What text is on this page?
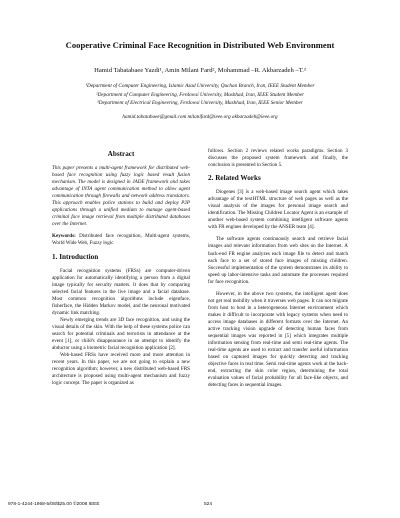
Cooperative Criminal Face Recognition in Distributed Web Environment
Hamid Tabatabaee Yazdi¹, Amin Milani Fard², Mohammad –R. Akbarzadeh –T.³
¹Department of Computer Engineering, Islamic Azad University, Quchan Branch, Iran, IEEE Student Member
²Department of Computer Engineering, Ferdowsi University, Mashhad, Iran, IEEE Student Member
³Department of Electrical Engineering, Ferdowsi University, Mashhad, Iran, IEEE Senior Member
hamid.tabatabaee@gmail.com milanifard@ieee.org akbarzadeh@ieee.org
Abstract

This paper presents a multi-agent framework for distributed web-based face recognition using fuzzy logic based result fusion mechanism. The model is designed in JADE framework and takes advantage of INTA agent communication method to allow agent communication through firewalls and network address translators. This approach enables police stations to build and deploy P2P applications through a unified medium to manage agent-based criminal face image retrieval from multiple distributed databases over the Internet.

Keywords: Distributed face recognition, Multi-agent systems, World Wide Web, Fuzzy logic

1. Introduction

Facial recognition systems (FRSs) are computer-driven application for automatically identifying a person from a digital image typically for security matters. It does that by comparing selected facial features in the live image and a facial database. Most common recognition algorithms include eigenface, fisherface, the Hidden Markov model, and the neuronal motivated dynamic link matching.

Newly emerging trends are 3D face recognition, and using the visual details of the skin. With the help of these systems police can search for potential criminals and terrorists in attendance at the event [1], or child's disappearance in an attempt to identify the abductor using a biometric facial recognition application [2].

Web-based FRSs have received more and more attention in recent years. In this paper, we are not going to explain a new recognition algorithm; however, a new distributed web-based FRS architecture is proposed using multi-agent mechanism and fuzzy logic concept. The paper is organized as

follows. Section 2 reviews related works paradigms. Section 3 discusses the proposed system framework and finally, the conclusion is presented in Section 5.

2. Related Works

Diogenes [3] is a web-based image search agent which takes advantage of the textHTML structure of web pages as well as the visual analysis of the images for personal image search and identification. The Missing Children Locator Agent is an example of another web-based system combining intelligent software agents with FR engines developed by the ANSER team [4].

The software agents continuously search and retrieve facial images and relevant information from web sites on the Internet. A back-end FR engine analyzes each image file to detect and match each face to a set of stored face images of missing children. Successful implementation of the system demonstrates its ability to speed up labor-intensive tasks and automate the processes required for face recognition.

However, in the above two systems, the intelligent agent does not get real mobility when it traverses web pages. It can not migrate from host to host in a heterogeneous Internet environment which makes it difficult to incorporate with legacy systems when need to access image databases in different formats over the Internet. An active tracking vision upgrade of detecting human faces from sequential images was reported in [5] which integrates multiple information sensing from real-time and semi real-time agents. The real-time agents are used to extract and transfer useful information based on captured images for quickly detecting and tracking objective faces in real time. Semi real-time agents work at the back-end, extracting the skin color region, determining the total evaluation values of facial probability for all face-like objects, and detecting faces in sequential images.

978-1-4244-1968-5/08/$25.00 ©2008 IEEE	524
